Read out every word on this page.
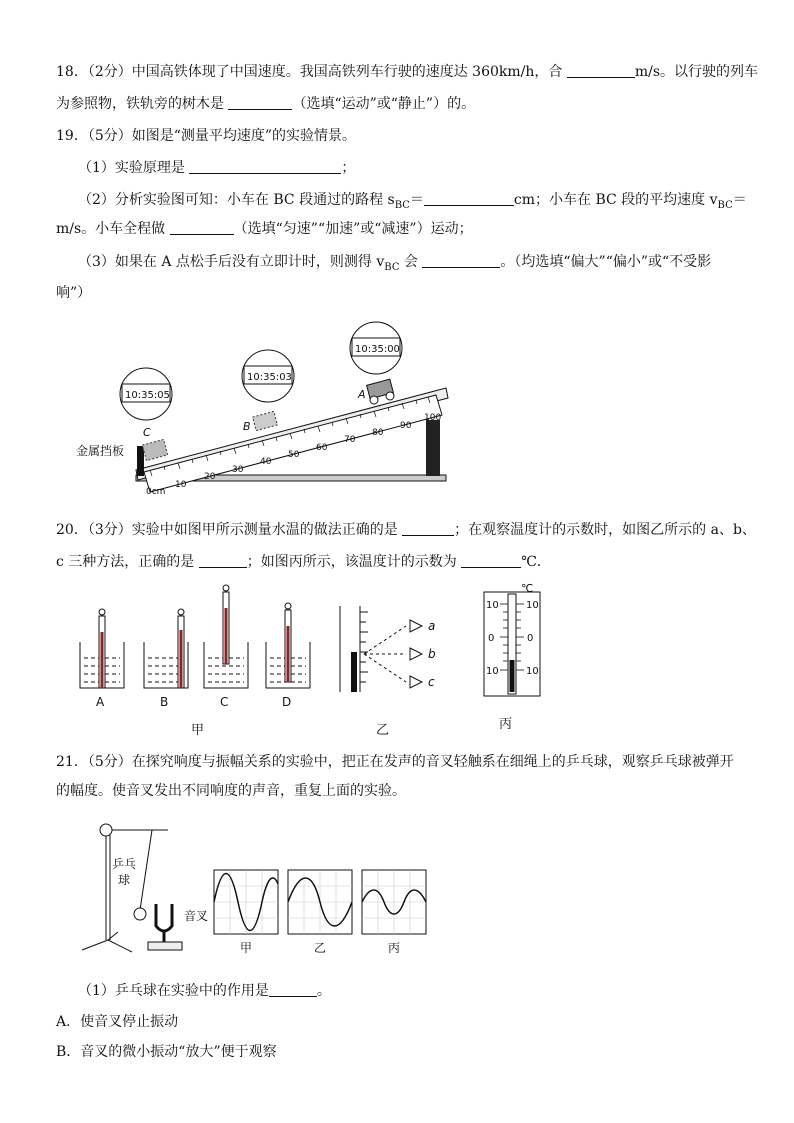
18．（2分）中国高铁体现了中国速度。我国高铁列车行驶的速度达 360km/h，合	m/s。以行驶的列车
为参照物，铁轨旁的树木是	（选填“运动”或“静止”）的。
19．（5分）如图是“测量平均速度”的实验情景。
（1）实验原理是	；
（2）分析实验图可知：小车在 BC 段通过的路程 $s_{BC}=$	cm；小车在 BC 段的平均速度 $v_{BC}=$
m/s。小车全程做	（选填“匀速”“加速”或“减速”）运动；
（3）如果在 A 点松手后没有立即计时，则测得 $v_{BC}$ 会	。（均选填“偏大”“偏小”或“不受影
响”）
0cm
10
20
30
40
50
60
70
80
90
100
金属挡板
A
B
C
10:35:00
10:35:03
10:35:05
20．（3分）实验中如图甲所示测量水温的做法正确的是	；在观察温度计的示数时，如图乙所示的 a、b、
c 三种方法，正确的是	；如图丙所示，该温度计的示数为	℃．
A	B	C	D
甲
a
b
c
乙
℃
10
0
10
10
0
10
丙
21．（5分）在探究响度与振幅关系的实验中，把正在发声的音叉轻触系在细绳上的乒乓球，观察乒乓球被弹开
的幅度。使音叉发出不同响度的声音，重复上面的实验。
乒乓
球
音叉
甲	乙	丙
（1）乒乓球在实验中的作用是	。
A．使音叉停止振动
B．音叉的微小振动“放大”便于观察
